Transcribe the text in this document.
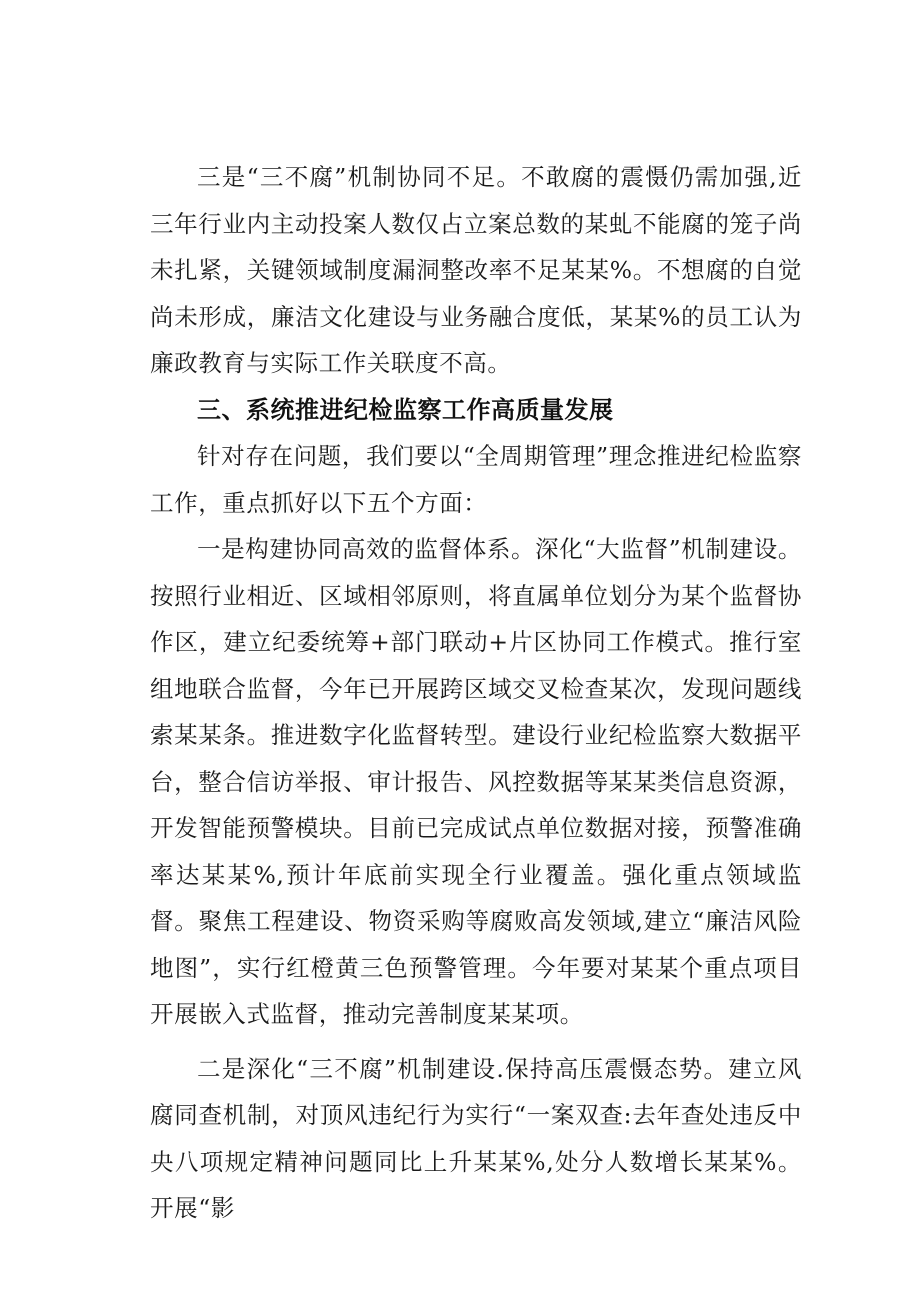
三是“三不腐”机制协同不足。不敢腐的震慑仍需加强,近三年行业内主动投案人数仅占立案总数的某虬不能腐的笼子尚未扎紧，关键领域制度漏洞整改率不足某某%。不想腐的自觉尚未形成，廉洁文化建设与业务融合度低，某某%的员工认为廉政教育与实际工作关联度不高。

三、系统推进纪检监察工作高质量发展

针对存在问题，我们要以“全周期管理”理念推进纪检监察工作，重点抓好以下五个方面：

一是构建协同高效的监督体系。深化“大监督”机制建设。按照行业相近、区域相邻原则，将直属单位划分为某个监督协作区，建立纪委统筹+部门联动+片区协同工作模式。推行室组地联合监督，今年已开展跨区域交叉检查某次，发现问题线索某某条。推进数字化监督转型。建设行业纪检监察大数据平台，整合信访举报、审计报告、风控数据等某某类信息资源，开发智能预警模块。目前已完成试点单位数据对接，预警准确率达某某%,预计年底前实现全行业覆盖。强化重点领域监督。聚焦工程建设、物资采购等腐败高发领域,建立“廉洁风险地图”，实行红橙黄三色预警管理。今年要对某某个重点项目开展嵌入式监督，推动完善制度某某项。

二是深化“三不腐”机制建设.保持高压震慑态势。建立风腐同查机制，对顶风违纪行为实行“一案双查:去年查处违反中央八项规定精神问题同比上升某某%,处分人数增长某某%。开展“影
